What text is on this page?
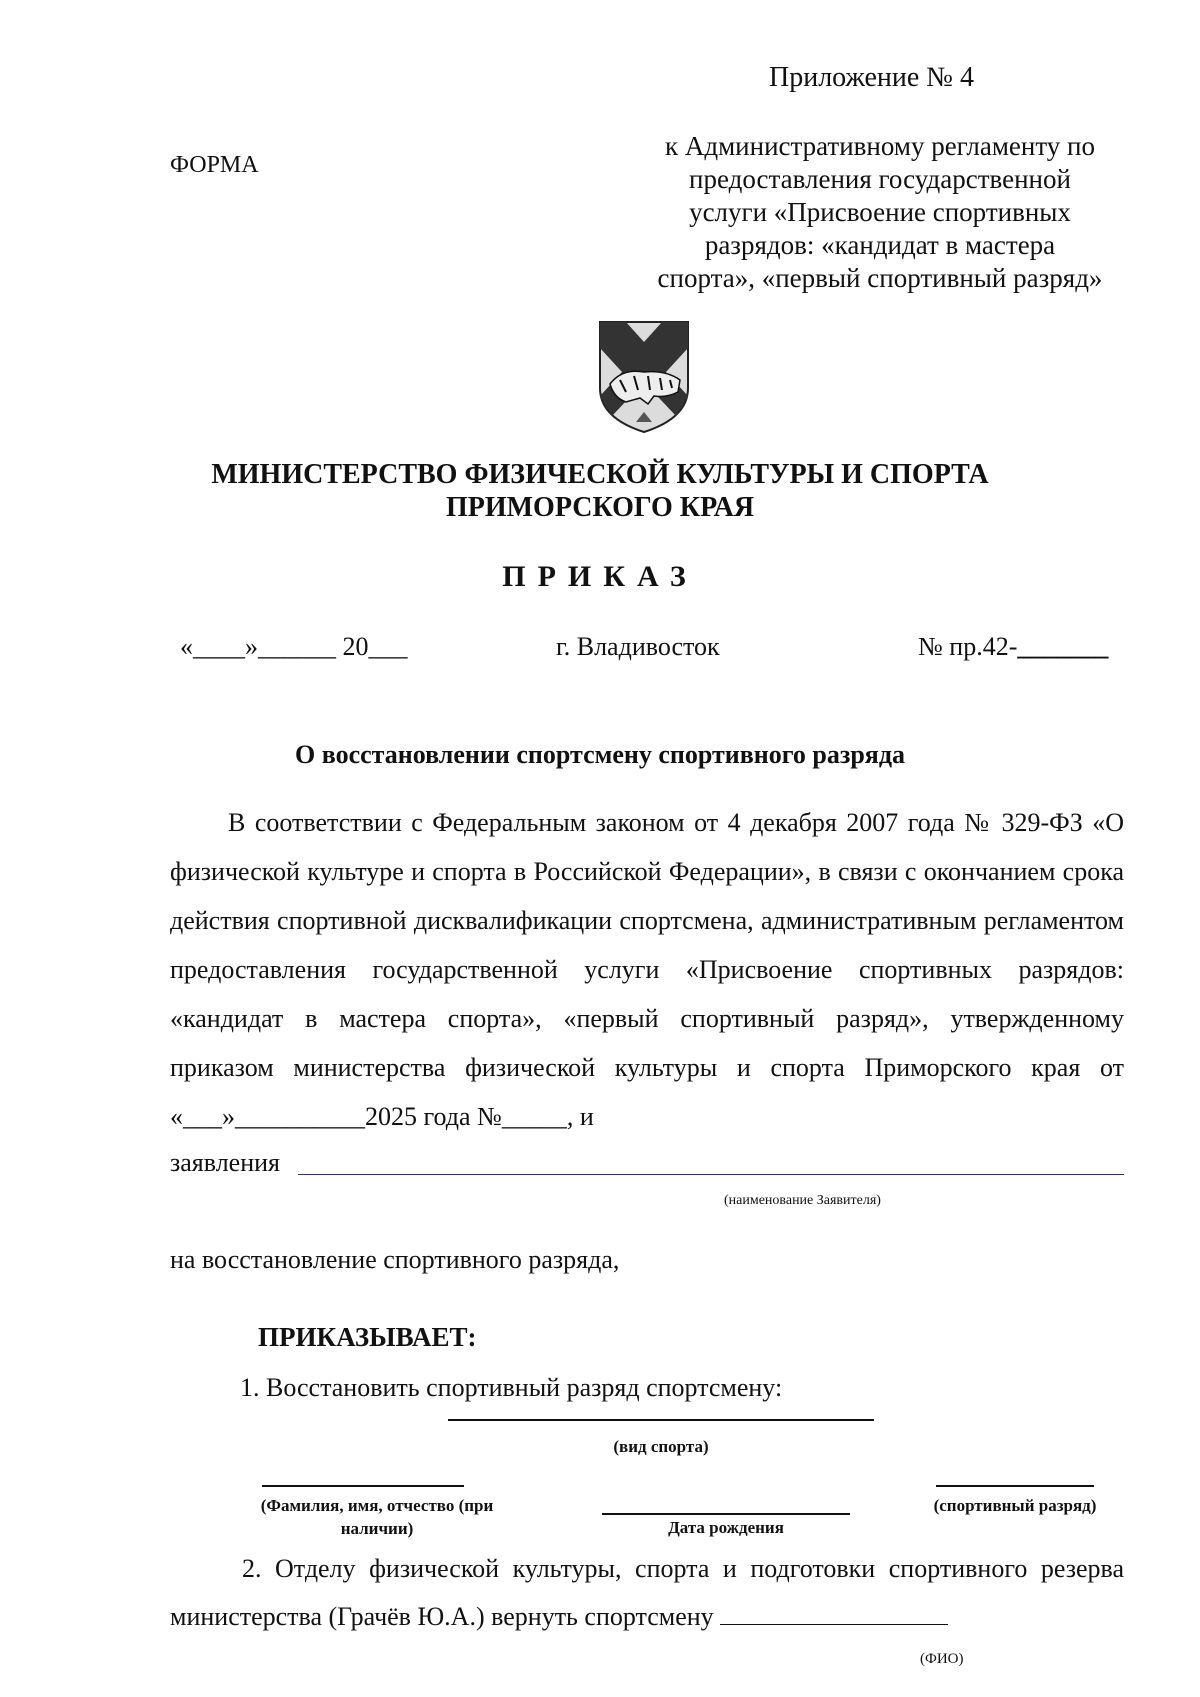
Приложение № 4
ФОРМА
к Административному регламенту по
предоставления государственной
услуги «Присвоение спортивных
разрядов: «кандидат в мастера
спорта», «первый спортивный разряд»
МИНИСТЕРСТВО ФИЗИЧЕСКОЙ КУЛЬТУРЫ И СПОРТА
ПРИМОРСКОГО КРАЯ
ПРИКАЗ
«____»______ 20___	г. Владивосток	№ пр.42-_______
О восстановлении спортсмену спортивного разряда

В соответствии с Федеральным законом от 4 декабря 2007 года № 329-ФЗ «О физической культуре и спорта в Российской Федерации», в связи с окончанием срока действия спортивной дисквалификации спортсмена, административным регламентом предоставления государственной услуги «Присвоение спортивных разрядов: «кандидат в мастера спорта», «первый спортивный разряд», утвержденному приказом министерства физической культуры и спорта Приморского края от «___»__________2025 года №_____, и

заявления
(наименование Заявителя)
на восстановление спортивного разряда,
ПРИКАЗЫВАЕТ:
1. Восстановить спортивный разряд спортсмену:
(вид спорта)
(Фамилия, имя, отчество (при наличии)	Дата рождения
(спортивный разряд)

2. Отделу физической культуры, спорта и подготовки спортивного резерва министерства (Грачёв Ю.А.) вернуть спортсмену

(ФИО)
